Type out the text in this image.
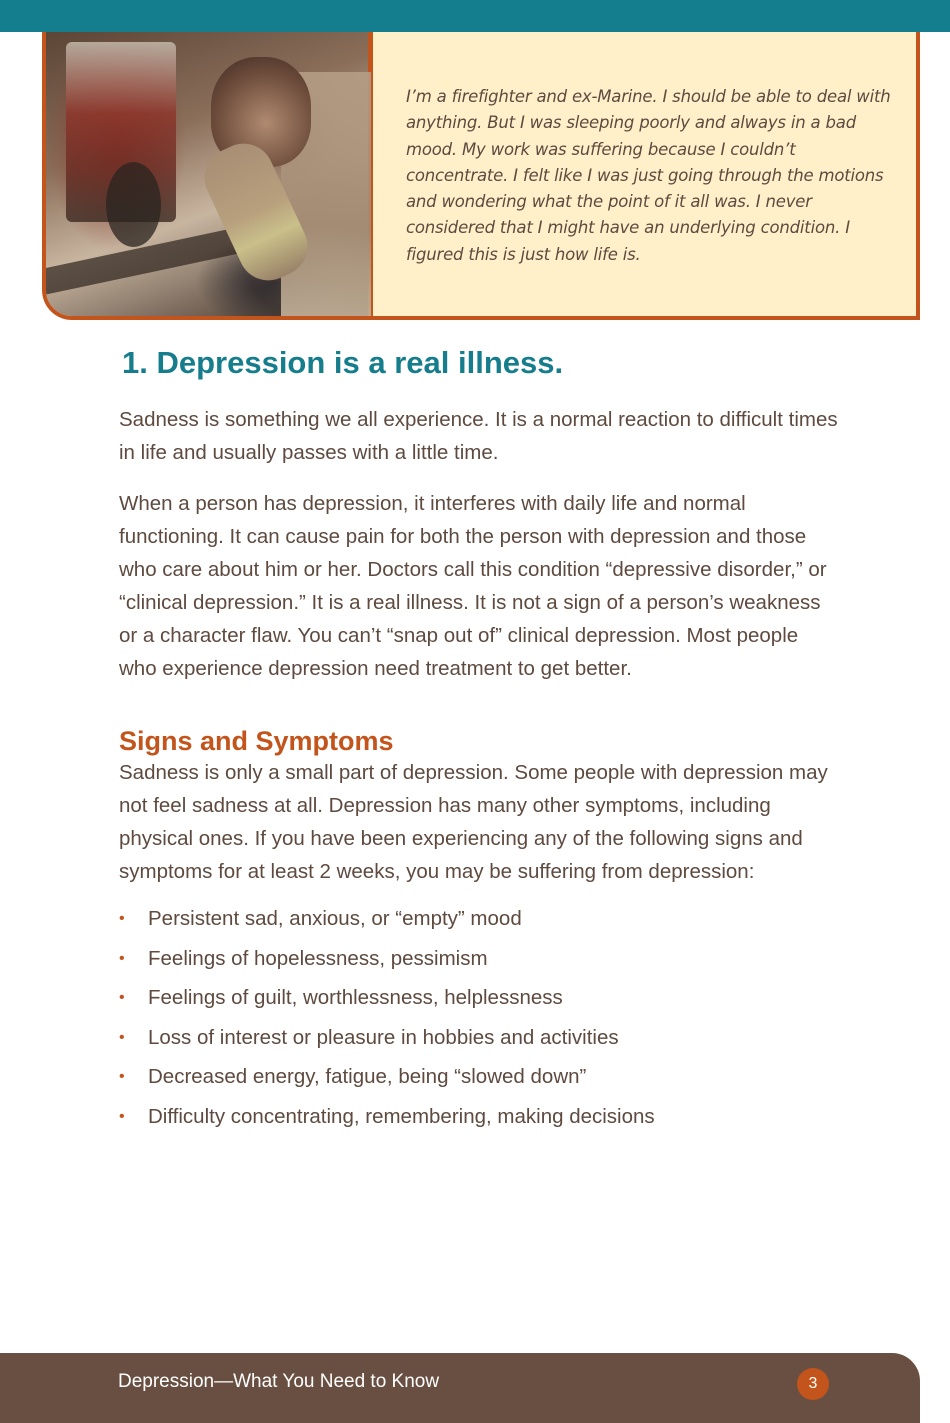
I’m a firefighter and ex-Marine. I should be able to deal with anything. But I was sleeping poorly and always in a bad mood. My work was suffering because I couldn’t concentrate. I felt like I was just going through the motions and wondering what the point of it all was. I never considered that I might have an underlying condition. I figured this is just how life is.

1. Depression is a real illness.

Sadness is something we all experience. It is a normal reaction to difficult times in life and usually passes with a little time.

When a person has depression, it interferes with daily life and normal functioning. It can cause pain for both the person with depression and those who care about him or her. Doctors call this condition “depressive disorder,” or “clinical depression.” It is a real illness. It is not a sign of a person’s weakness or a character flaw. You can’t “snap out of” clinical depression. Most people who experience depression need treatment to get better.

Signs and Symptoms

Sadness is only a small part of depression. Some people with depression may not feel sadness at all. Depression has many other symptoms, including physical ones. If you have been experiencing any of the following signs and symptoms for at least 2 weeks, you may be suffering from depression:

• Persistent sad, anxious, or “empty” mood
• Feelings of hopelessness, pessimism
• Feelings of guilt, worthlessness, helplessness
• Loss of interest or pleasure in hobbies and activities
• Decreased energy, fatigue, being “slowed down”
• Difficulty concentrating, remembering, making decisions
Depression—What You Need to Know	3
